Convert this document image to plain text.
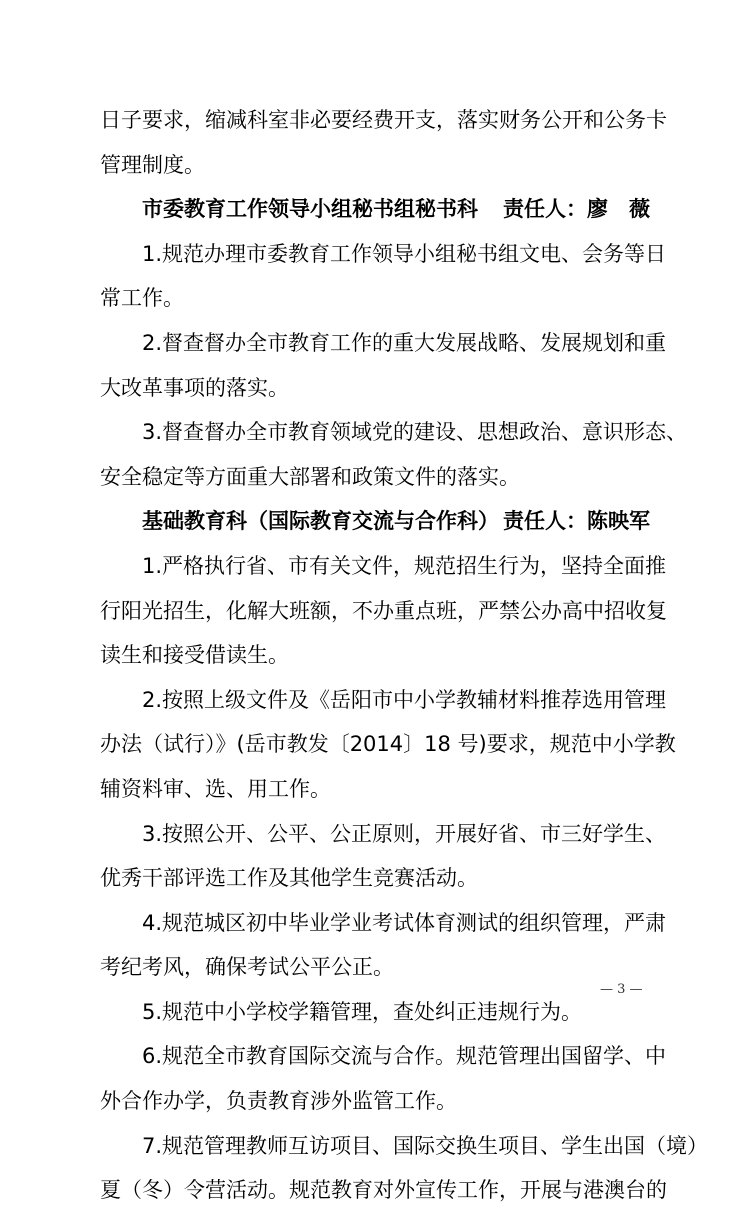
日子要求，缩减科室非必要经费开支，落实财务公开和公务卡
管理制度。
市委教育工作领导小组秘书组秘书科 责任人：廖　薇
1.规范办理市委教育工作领导小组秘书组文电、会务等日
常工作。
2.督查督办全市教育工作的重大发展战略、发展规划和重
大改革事项的落实。
3.督查督办全市教育领域党的建设、思想政治、意识形态、
安全稳定等方面重大部署和政策文件的落实。
基础教育科（国际教育交流与合作科） 责任人：陈映军
1.严格执行省、市有关文件，规范招生行为，坚持全面推
行阳光招生，化解大班额，不办重点班，严禁公办高中招收复
读生和接受借读生。
2.按照上级文件及《岳阳市中小学教辅材料推荐选用管理
办法（试行）》(岳市教发〔2014〕18 号)要求，规范中小学教
辅资料审、选、用工作。
3.按照公开、公平、公正原则，开展好省、市三好学生、
优秀干部评选工作及其他学生竞赛活动。
4.规范城区初中毕业学业考试体育测试的组织管理，严肃
考纪考风，确保考试公平公正。
5.规范中小学校学籍管理，查处纠正违规行为。
6.规范全市教育国际交流与合作。规范管理出国留学、中
外合作办学，负责教育涉外监管工作。
7.规范管理教师互访项目、国际交换生项目、学生出国（境）
夏（冬）令营活动。规范教育对外宣传工作，开展与港澳台的
— 3 —
